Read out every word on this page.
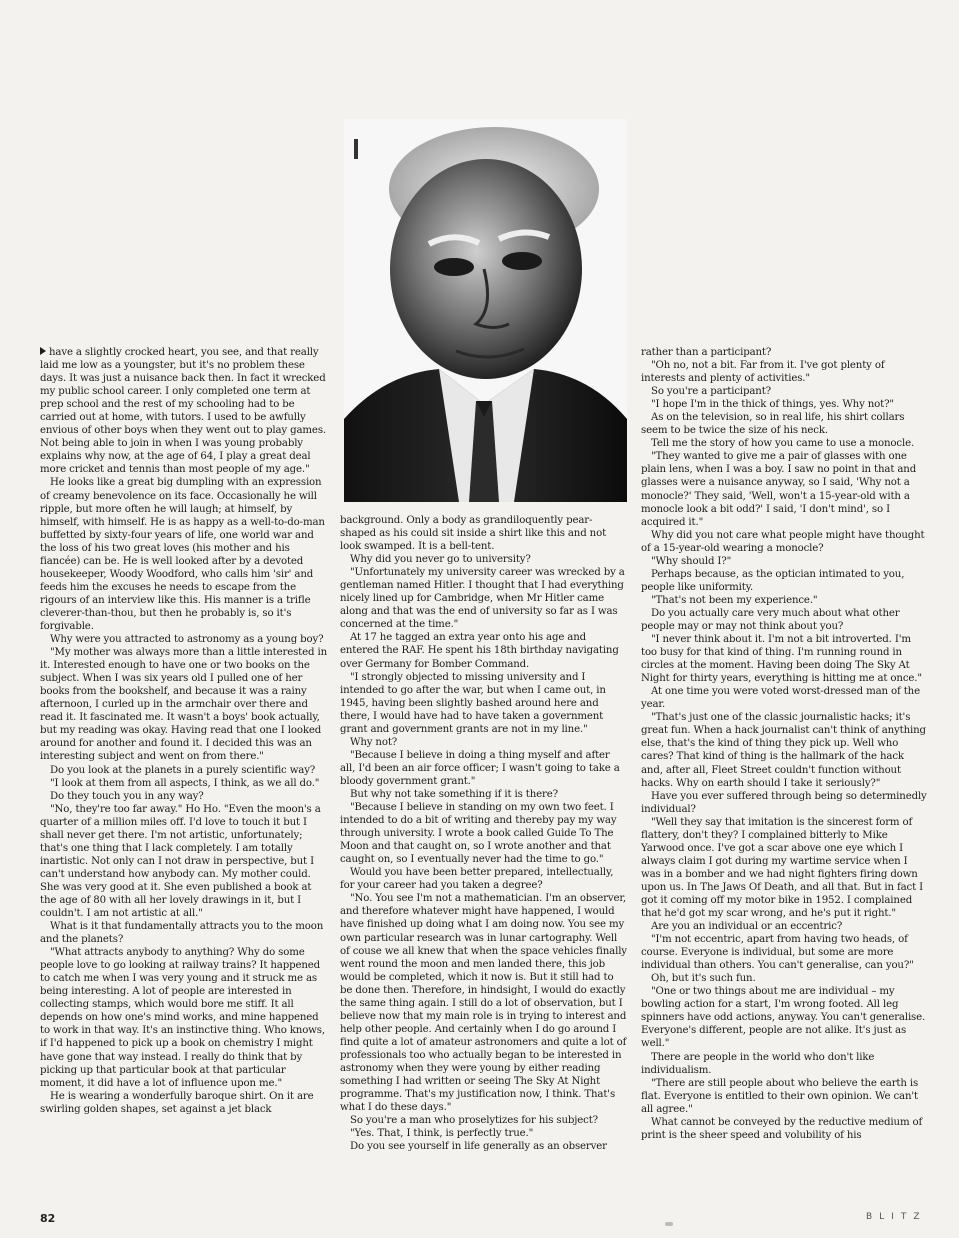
have a slightly crocked heart, you see, and that really laid me low as a youngster, but it's no problem these days. It was just a nuisance back then. In fact it wrecked my public school career. I only completed one term at prep school and the rest of my schooling had to be carried out at home, with tutors. I used to be awfully envious of other boys when they went out to play games. Not being able to join in when I was young probably explains why now, at the age of 64, I play a great deal more cricket and tennis than most people of my age."

He looks like a great big dumpling with an expression of creamy benevolence on its face. Occasionally he will ripple, but more often he will laugh; at himself, by himself, with himself. He is as happy as a well-to-do-man buffetted by sixty-four years of life, one world war and the loss of his two great loves (his mother and his fiancée) can be. He is well looked after by a devoted housekeeper, Woody Woodford, who calls him 'sir' and feeds him the excuses he needs to escape from the rigours of an interview like this. His manner is a trifle cleverer-than-thou, but then he probably is, so it's forgivable.

Why were you attracted to astronomy as a young boy?

"My mother was always more than a little interested in it. Interested enough to have one or two books on the subject. When I was six years old I pulled one of her books from the bookshelf, and because it was a rainy afternoon, I curled up in the armchair over there and read it. It fascinated me. It wasn't a boys' book actually, but my reading was okay. Having read that one I looked around for another and found it. I decided this was an interesting subject and went on from there."

Do you look at the planets in a purely scientific way?

"I look at them from all aspects, I think, as we all do."

Do they touch you in any way?

"No, they're too far away." Ho Ho. "Even the moon's a quarter of a million miles off. I'd love to touch it but I shall never get there. I'm not artistic, unfortunately; that's one thing that I lack completely. I am totally inartistic. Not only can I not draw in perspective, but I can't understand how anybody can. My mother could. She was very good at it. She even published a book at the age of 80 with all her lovely drawings in it, but I couldn't. I am not artistic at all."

What is it that fundamentally attracts you to the moon and the planets?

"What attracts anybody to anything? Why do some people love to go looking at railway trains? It happened to catch me when I was very young and it struck me as being interesting. A lot of people are interested in collecting stamps, which would bore me stiff. It all depends on how one's mind works, and mine happened to work in that way. It's an instinctive thing. Who knows, if I'd happened to pick up a book on chemistry I might have gone that way instead. I really do think that by picking up that particular book at that particular moment, it did have a lot of influence upon me."

He is wearing a wonderfully baroque shirt. On it are swirling golden shapes, set against a jet black

background. Only a body as grandiloquently pear-shaped as his could sit inside a shirt like this and not look swamped. It is a bell-tent.

Why did you never go to university?

"Unfortunately my university career was wrecked by a gentleman named Hitler. I thought that I had everything nicely lined up for Cambridge, when Mr Hitler came along and that was the end of university so far as I was concerned at the time."

At 17 he tagged an extra year onto his age and entered the RAF. He spent his 18th birthday navigating over Germany for Bomber Command.

"I strongly objected to missing university and I intended to go after the war, but when I came out, in 1945, having been slightly bashed around here and there, I would have had to have taken a government grant and government grants are not in my line."

Why not?

"Because I believe in doing a thing myself and after all, I'd been an air force officer; I wasn't going to take a bloody government grant."

But why not take something if it is there?

"Because I believe in standing on my own two feet. I intended to do a bit of writing and thereby pay my way through university. I wrote a book called Guide To The Moon and that caught on, so I wrote another and that caught on, so I eventually never had the time to go."

Would you have been better prepared, intellectually, for your career had you taken a degree?

"No. You see I'm not a mathematician. I'm an observer, and therefore whatever might have happened, I would have finished up doing what I am doing now. You see my own particular research was in lunar cartography. Well of couse we all knew that when the space vehicles finally went round the moon and men landed there, this job would be completed, which it now is. But it still had to be done then. Therefore, in hindsight, I would do exactly the same thing again. I still do a lot of observation, but I believe now that my main role is in trying to interest and help other people. And certainly when I do go around I find quite a lot of amateur astronomers and quite a lot of professionals too who actually began to be interested in astronomy when they were young by either reading something I had written or seeing The Sky At Night programme. That's my justification now, I think. That's what I do these days."

So you're a man who proselytizes for his subject?

"Yes. That, I think, is perfectly true."

Do you see yourself in life generally as an observer

rather than a participant?

"Oh no, not a bit. Far from it. I've got plenty of interests and plenty of activities."

So you're a participant?

"I hope I'm in the thick of things, yes. Why not?"

As on the television, so in real life, his shirt collars seem to be twice the size of his neck.

Tell me the story of how you came to use a monocle.

"They wanted to give me a pair of glasses with one plain lens, when I was a boy. I saw no point in that and glasses were a nuisance anyway, so I said, 'Why not a monocle?' They said, 'Well, won't a 15-year-old with a monocle look a bit odd?' I said, 'I don't mind', so I acquired it."

Why did you not care what people might have thought of a 15-year-old wearing a monocle?

"Why should I?"

Perhaps because, as the optician intimated to you, people like uniformity.

"That's not been my experience."

Do you actually care very much about what other people may or may not think about you?

"I never think about it. I'm not a bit introverted. I'm too busy for that kind of thing. I'm running round in circles at the moment. Having been doing The Sky At Night for thirty years, everything is hitting me at once."

At one time you were voted worst-dressed man of the year.

"That's just one of the classic journalistic hacks; it's great fun. When a hack journalist can't think of anything else, that's the kind of thing they pick up. Well who cares? That kind of thing is the hallmark of the hack and, after all, Fleet Street couldn't function without hacks. Why on earth should I take it seriously?"

Have you ever suffered through being so determinedly individual?

"Well they say that imitation is the sincerest form of flattery, don't they? I complained bitterly to Mike Yarwood once. I've got a scar above one eye which I always claim I got during my wartime service when I was in a bomber and we had night fighters firing down upon us. In The Jaws Of Death, and all that. But in fact I got it coming off my motor bike in 1952. I complained that he'd got my scar wrong, and he's put it right."

Are you an individual or an eccentric?

"I'm not eccentric, apart from having two heads, of course. Everyone is individual, but some are more individual than others. You can't generalise, can you?"

Oh, but it's such fun.

"One or two things about me are individual – my bowling action for a start, I'm wrong footed. All leg spinners have odd actions, anyway. You can't generalise. Everyone's different, people are not alike. It's just as well."

There are people in the world who don't like individualism.

"There are still people about who believe the earth is flat. Everyone is entitled to their own opinion. We can't all agree."

What cannot be conveyed by the reductive medium of print is the sheer speed and volubility of his

82	BLITZ
